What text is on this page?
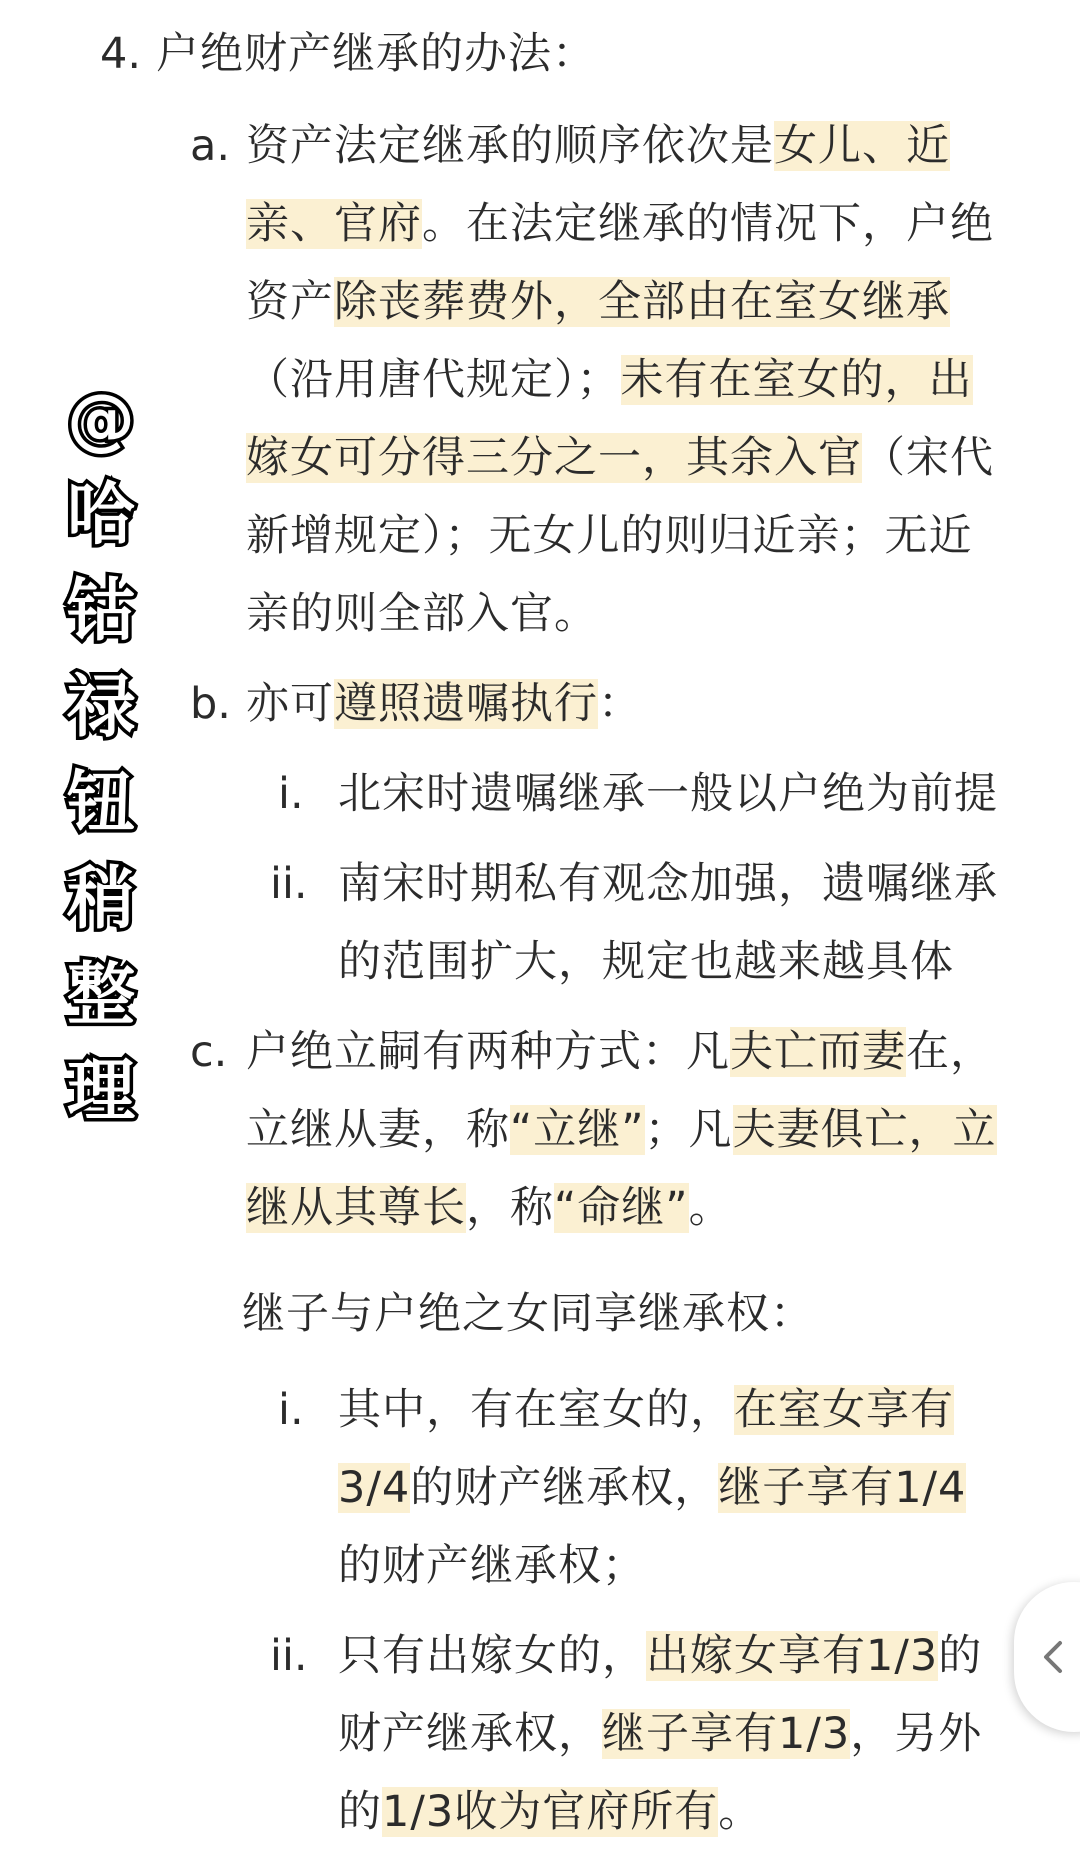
@
哈
钴
禄
钮
稍
整
理
4. 户绝财产继承的办法：
a. 资产法定继承的顺序依次是女儿、近
亲、官府。在法定继承的情况下，户绝
资产除丧葬费外，全部由在室女继承
（沿用唐代规定）；未有在室女的，出
嫁女可分得三分之一，其余入官（宋代
新增规定）；无女儿的则归近亲；无近
亲的则全部入官。
b. 亦可遵照遗嘱执行：
i. 北宋时遗嘱继承一般以户绝为前提
ii. 南宋时期私有观念加强，遗嘱继承
的范围扩大，规定也越来越具体
c. 户绝立嗣有两种方式：凡夫亡而妻在，
立继从妻，称“立继”；凡夫妻俱亡，立
继从其尊长，称“命继”。
继子与户绝之女同享继承权：
i. 其中，有在室女的，在室女享有
3/4的财产继承权，继子享有1/4
的财产继承权；
ii. 只有出嫁女的，出嫁女享有1/3的
财产继承权，继子享有1/3，另外
的1/3收为官府所有。
